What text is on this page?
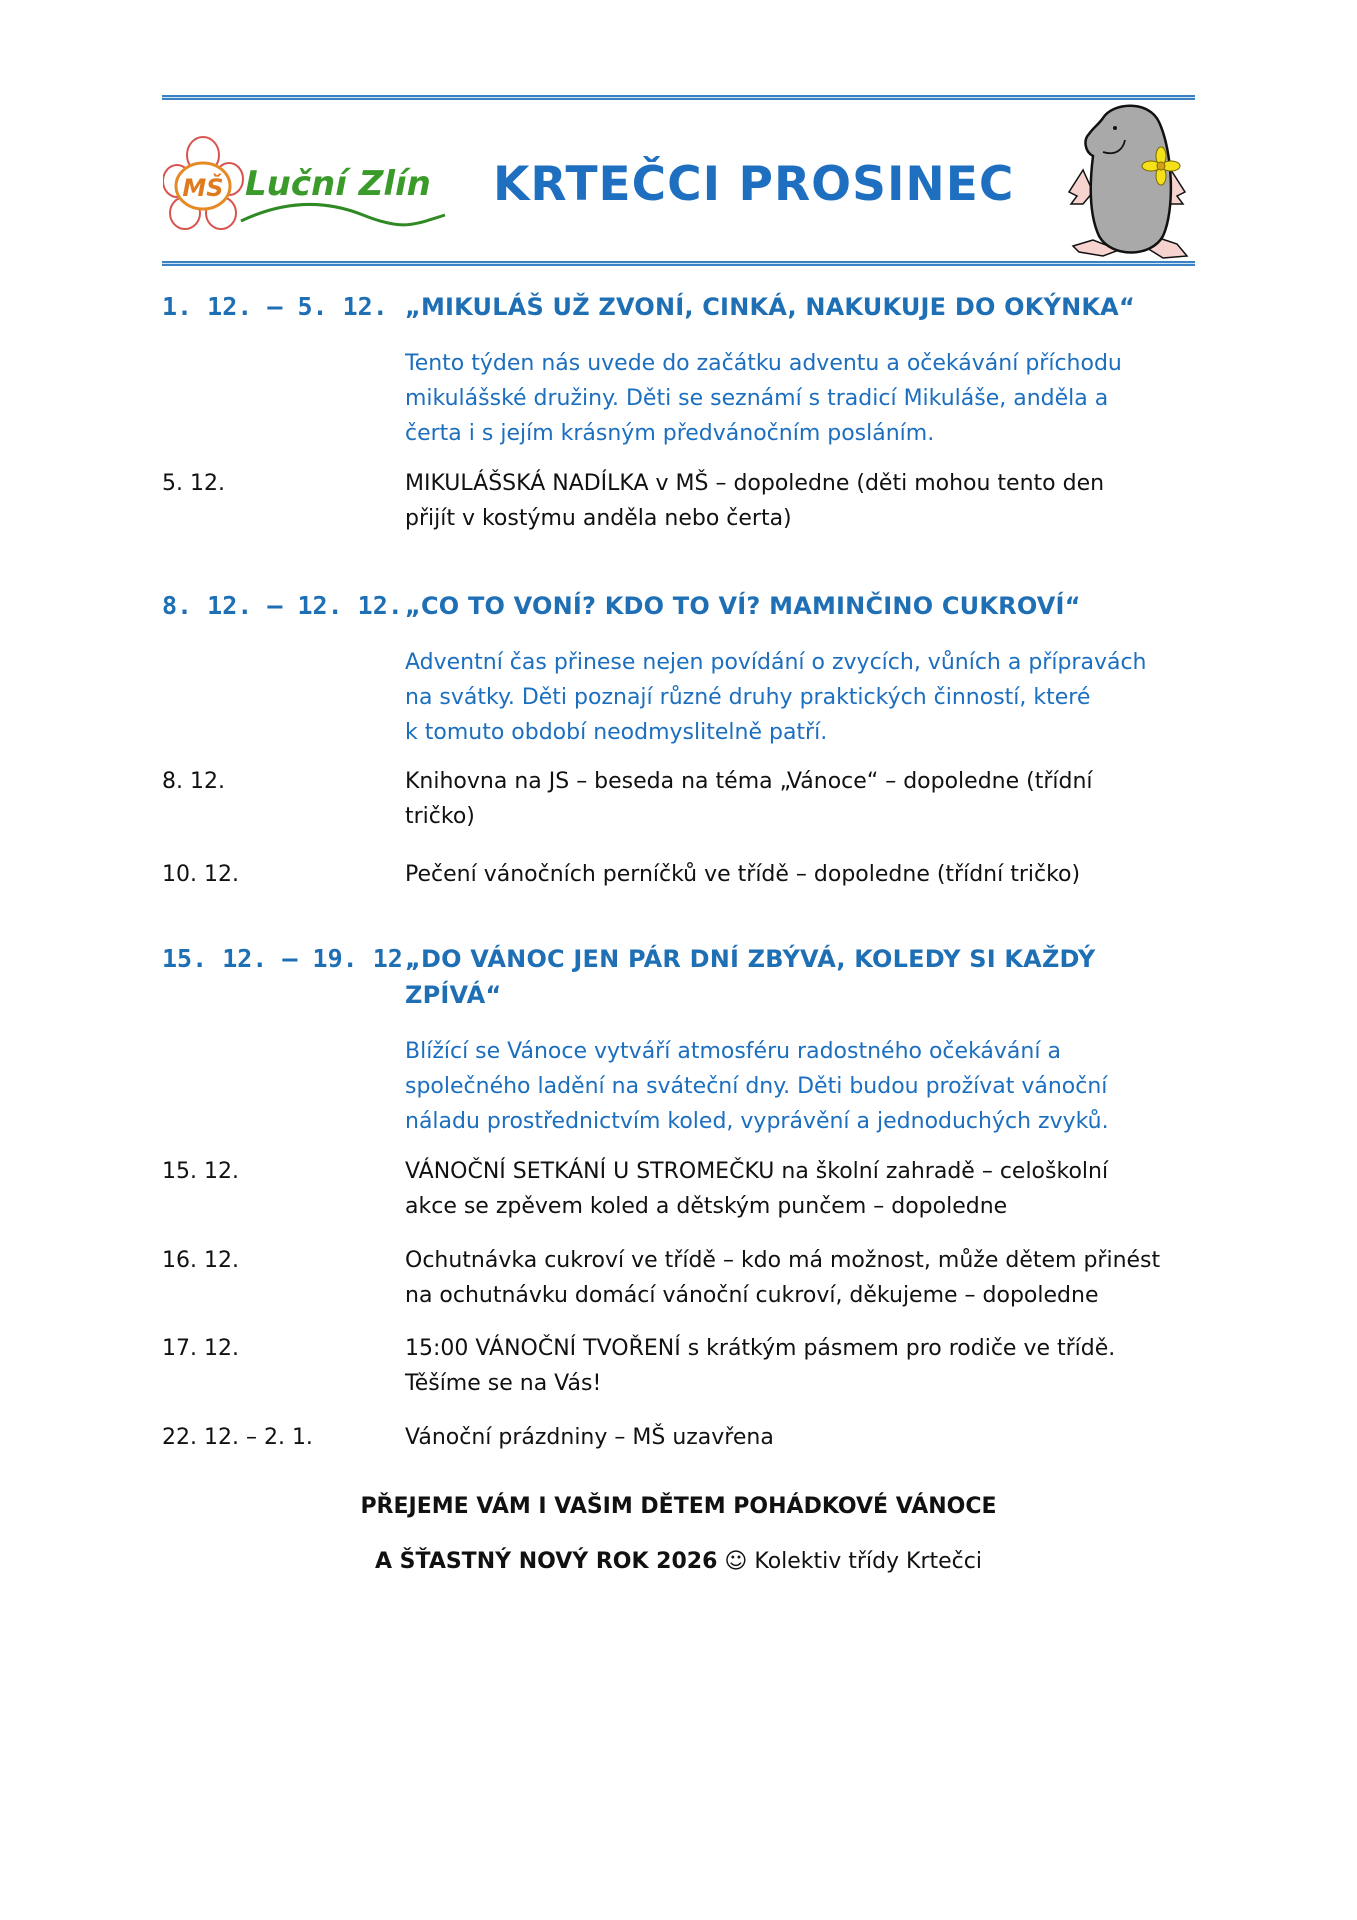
MŠ Luční Zlín KRTEČCI PROSINEC
1. 12. – 5. 12. „MIKULÁŠ UŽ ZVONÍ, CINKÁ, NAKUKUJE DO OKÝNKA“
Tento týden nás uvede do začátku adventu a očekávání příchodu
mikulášské družiny. Děti se seznámí s tradicí Mikuláše, anděla a
čerta i s jejím krásným předvánočním posláním.
5. 12.	MIKULÁŠSKÁ NADÍLKA v MŠ – dopoledne (děti mohou tento den
přijít v kostýmu anděla nebo čerta)
8. 12. – 12. 12. „CO TO VONÍ? KDO TO VÍ? MAMINČINO CUKROVÍ“
Adventní čas přinese nejen povídání o zvycích, vůních a přípravách
na svátky. Děti poznají různé druhy praktických činností, které
k tomuto období neodmyslitelně patří.
8. 12.	Knihovna na JS – beseda na téma „Vánoce“ – dopoledne (třídní
tričko)
10. 12.	Pečení vánočních perníčků ve třídě – dopoledne (třídní tričko)
15. 12. – 19. 12.
„DO VÁNOC JEN PÁR DNÍ ZBÝVÁ, KOLEDY SI KAŽDÝ
ZPÍVÁ“
Blížící se Vánoce vytváří atmosféru radostného očekávání a
společného ladění na sváteční dny. Děti budou prožívat vánoční
náladu prostřednictvím koled, vyprávění a jednoduchých zvyků.
15. 12.	VÁNOČNÍ SETKÁNÍ U STROMEČKU na školní zahradě – celoškolní
akce se zpěvem koled a dětským punčem – dopoledne
16. 12.	Ochutnávka cukroví ve třídě – kdo má možnost, může dětem přinést
na ochutnávku domácí vánoční cukroví, děkujeme – dopoledne
17. 12.	15:00 VÁNOČNÍ TVOŘENÍ s krátkým pásmem pro rodiče ve třídě.
Těšíme se na Vás!
22. 12. – 2. 1.	Vánoční prázdniny – MŠ uzavřena
PŘEJEME VÁM I VAŠIM DĚTEM POHÁDKOVÉ VÁNOCE
A ŠŤASTNÝ NOVÝ ROK 2026 ☺ Kolektiv třídy Krtečci
